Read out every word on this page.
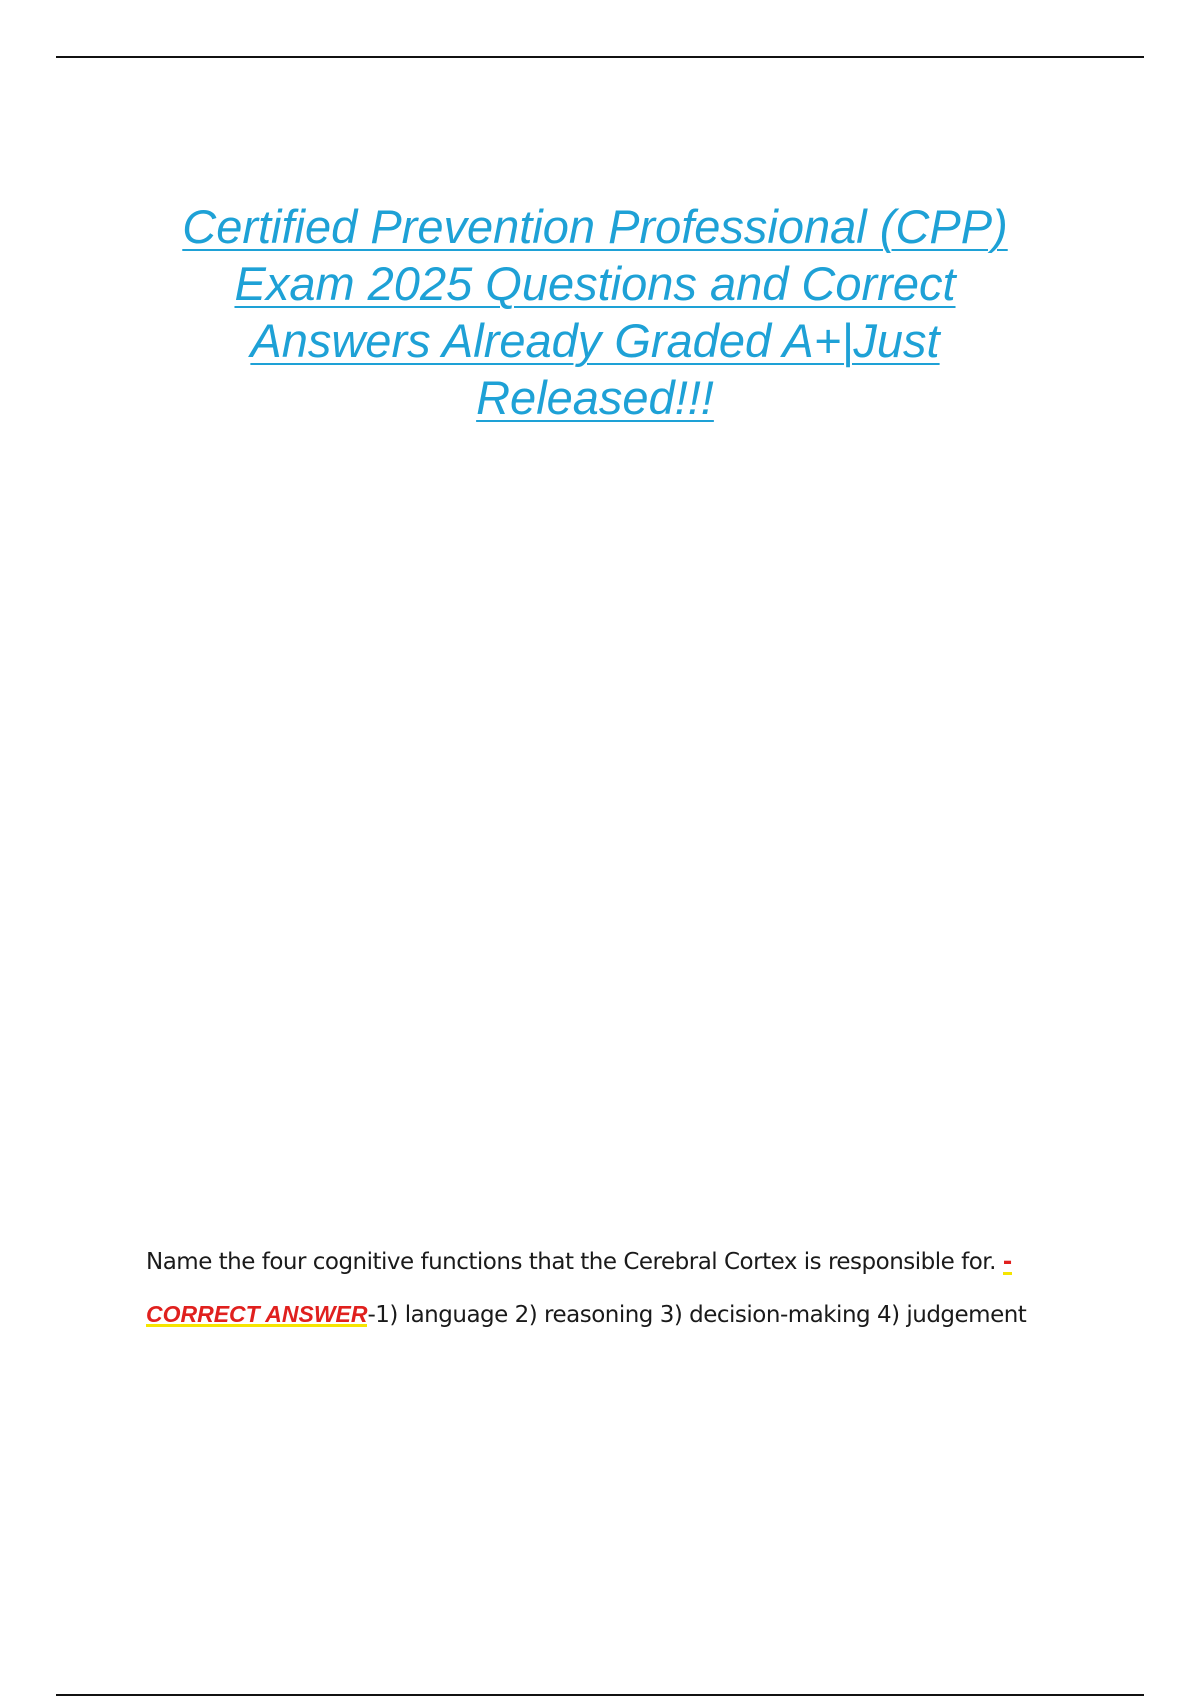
Certified Prevention Professional (CPP)
Exam 2025 Questions and Correct
Answers Already Graded A+|Just
Released!!!
Name the four cognitive functions that the Cerebral Cortex is responsible for. -
CORRECT ANSWER-1) language 2) reasoning 3) decision-making 4) judgement
